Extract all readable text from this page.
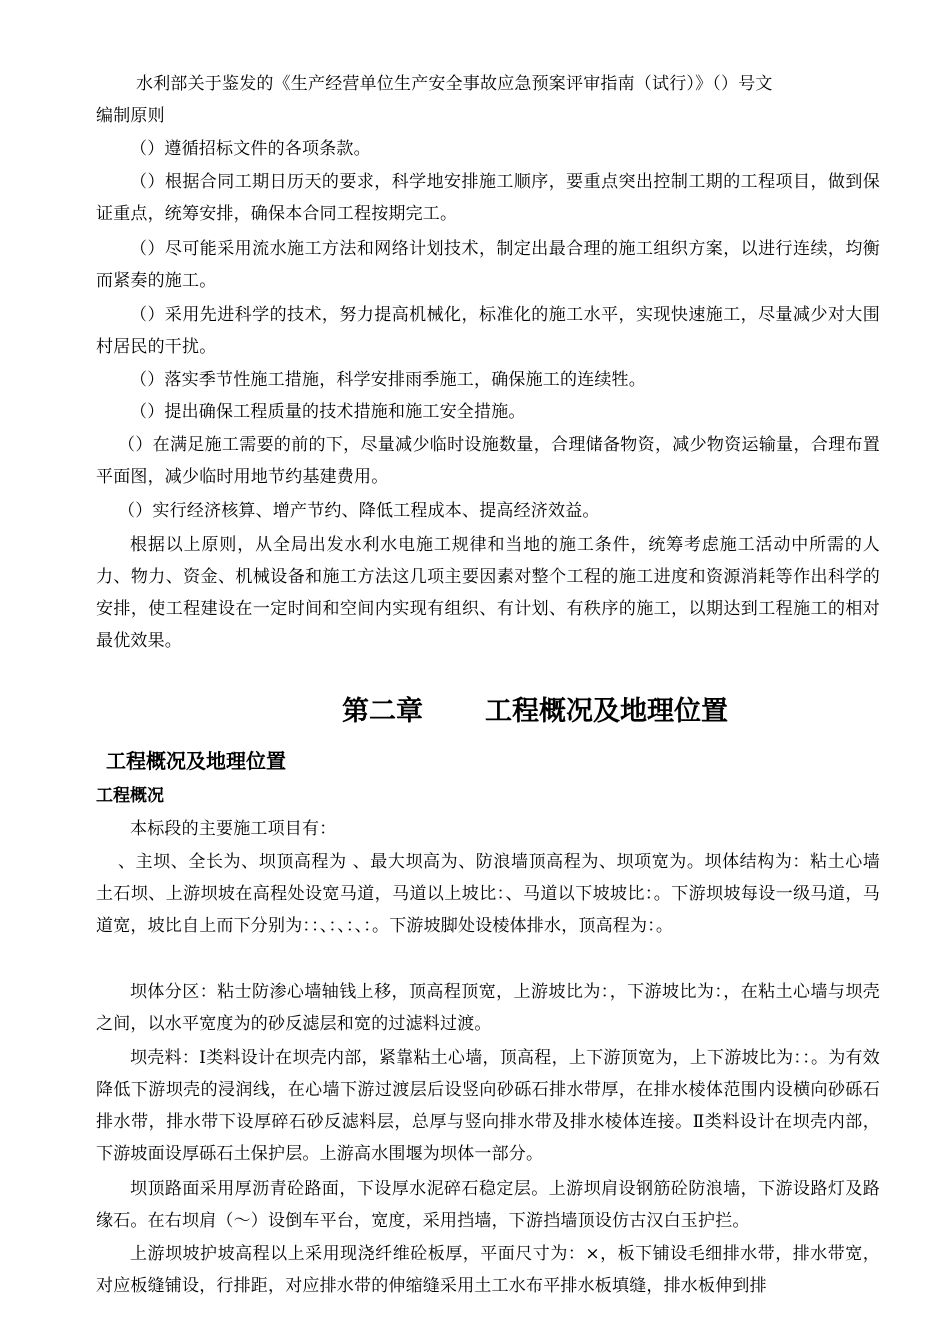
水利部关于鉴发的《生产经营单位生产安全事故应急预案评审指南（试行）》（）号文

编制原则

（）遵循招标文件的各项条款。

（）根据合同工期日历天的要求，科学地安排施工顺序，要重点突出控制工期的工程项目，做到保证重点，统筹安排，确保本合同工程按期完工。

（）尽可能采用流水施工方法和网络计划技术，制定出最合理的施工组织方案，以进行连续，均衡而紧奏的施工。

（）采用先进科学的技术，努力提高机械化，标准化的施工水平，实现快速施工，尽量减少对大围村居民的干扰。

（）落实季节性施工措施，科学安排雨季施工，确保施工的连续牲。

（）提出确保工程质量的技术措施和施工安全措施。

（）在满足施工需要的前的下，尽量减少临时设施数量，合理储备物资，减少物资运输量，合理布置平面图，减少临时用地节约基建费用。

（）实行经济核算、增产节约、降低工程成本、提高经济效益。

根据以上原则，从全局出发水利水电施工规律和当地的施工条件，统筹考虑施工活动中所需的人力、物力、资金、机械设备和施工方法这几项主要因素对整个工程的施工进度和资源消耗等作出科学的安排，使工程建设在一定时间和空间内实现有组织、有计划、有秩序的施工，以期达到工程施工的相对最优效果。

第二章 工程概况及地理位置
工程概况及地理位置
工程概况

本标段的主要施工项目有：

、主坝、全长为、坝顶高程为 、最大坝高为、防浪墙顶高程为、坝项宽为。坝体结构为：粘土心墙土石坝、上游坝坡在高程处设宽马道，马道以上坡比：、马道以下坡坡比：。下游坝坡每设一级马道，马道宽，坡比自上而下分别为：：、：、：、：。下游坡脚处设棱体排水，顶高程为：。

坝体分区：粘士防渗心墙轴钱上移，顶高程顶宽，上游坡比为：，下游坡比为：，在粘土心墙与坝壳之间，以水平宽度为的砂反滤层和宽的过滤料过渡。

坝壳料：Ⅰ类料设计在坝壳内部，紧靠粘土心墙，顶高程，上下游顶宽为，上下游坡比为：：。为有效降低下游坝壳的浸润线，在心墙下游过渡层后设竖向砂砾石排水带厚，在排水棱体范围内设横向砂砾石排水带，排水带下设厚碎石砂反滤料层，总厚与竖向排水带及排水棱体连接。Ⅱ类料设计在坝壳内部，下游坡面设厚砾石土保护层。上游高水围堰为坝体一部分。

坝顶路面采用厚沥青砼路面，下设厚水泥碎石稳定层。上游坝肩设钢筋砼防浪墙，下游设路灯及路缘石。在右坝肩（～）设倒车平台，宽度，采用挡墙，下游挡墙顶设仿古汉白玉护拦。

上游坝坡护坡高程以上采用现浇纤维砼板厚，平面尺寸为：×，板下铺设毛细排水带，排水带宽，对应板缝铺设，行排距，对应排水带的伸缩缝采用土工水布平排水板填缝，排水板伸到排
